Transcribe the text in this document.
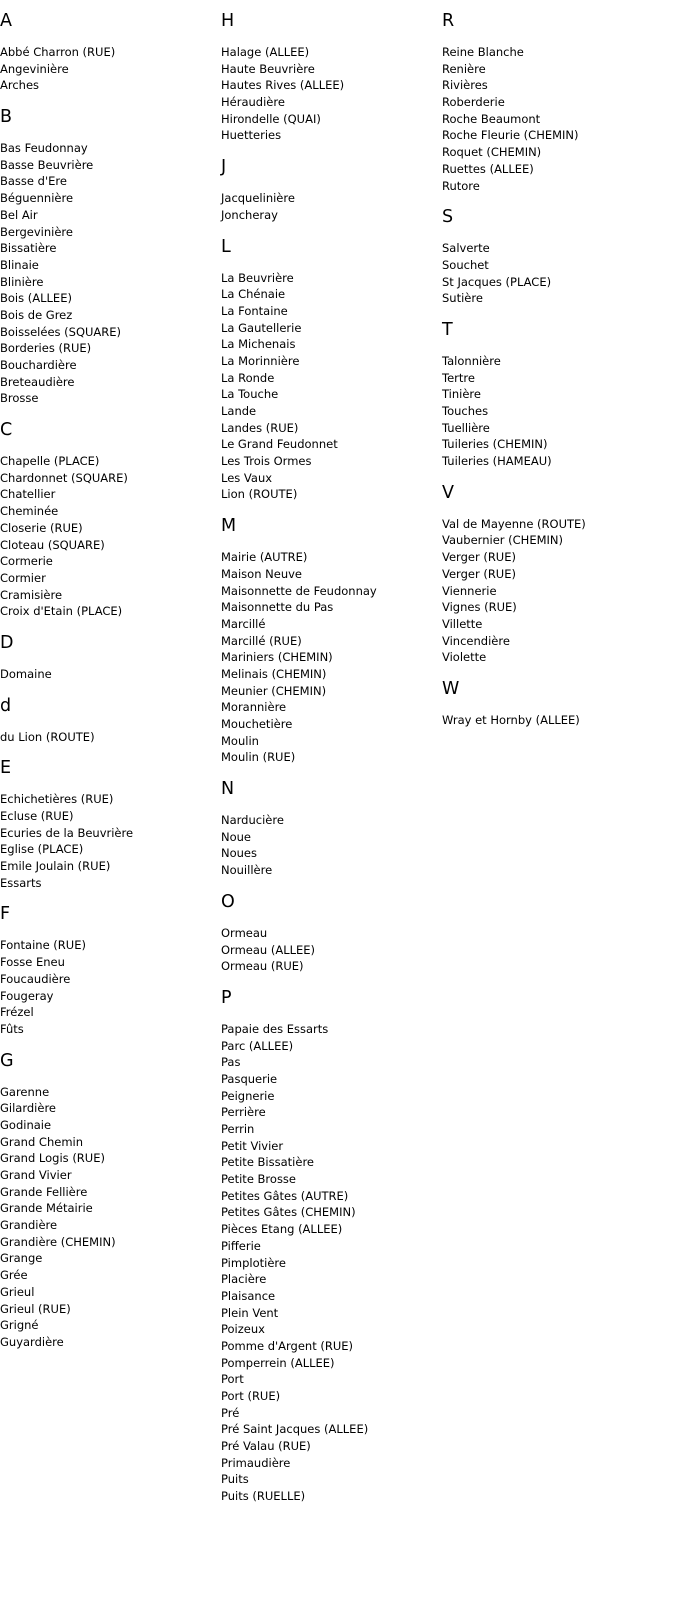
A
Abbé Charron (RUE)
Angevinière
Arches
B
Bas Feudonnay
Basse Beuvrière
Basse d'Ere
Béguennière
Bel Air
Bergevinière
Bissatière
Blinaie
Blinière
Bois (ALLEE)
Bois de Grez
Boisselées (SQUARE)
Borderies (RUE)
Bouchardière
Breteaudière
Brosse
C
Chapelle (PLACE)
Chardonnet (SQUARE)
Chatellier
Cheminée
Closerie (RUE)
Cloteau (SQUARE)
Cormerie
Cormier
Cramisière
Croix d'Etain (PLACE)
D
Domaine
d
du Lion (ROUTE)
E
Echichetières (RUE)
Ecluse (RUE)
Ecuries de la Beuvrière
Eglise (PLACE)
Emile Joulain (RUE)
Essarts
F
Fontaine (RUE)
Fosse Eneu
Foucaudière
Fougeray
Frézel
Fûts
G
Garenne
Gilardière
Godinaie
Grand Chemin
Grand Logis (RUE)
Grand Vivier
Grande Fellière
Grande Métairie
Grandière
Grandière (CHEMIN)
Grange
Grée
Grieul
Grieul (RUE)
Grigné
Guyardière
H
Halage (ALLEE)
Haute Beuvrière
Hautes Rives (ALLEE)
Héraudière
Hirondelle (QUAI)
Huetteries
J
Jacquelinière
Joncheray
L
La Beuvrière
La Chénaie
La Fontaine
La Gautellerie
La Michenais
La Morinnière
La Ronde
La Touche
Lande
Landes (RUE)
Le Grand Feudonnet
Les Trois Ormes
Les Vaux
Lion (ROUTE)
M
Mairie (AUTRE)
Maison Neuve
Maisonnette de Feudonnay
Maisonnette du Pas
Marcillé
Marcillé (RUE)
Mariniers (CHEMIN)
Melinais (CHEMIN)
Meunier (CHEMIN)
Morannière
Mouchetière
Moulin
Moulin (RUE)
N
Narducière
Noue
Noues
Nouillère
O
Ormeau
Ormeau (ALLEE)
Ormeau (RUE)
P
Papaie des Essarts
Parc (ALLEE)
Pas
Pasquerie
Peignerie
Perrière
Perrin
Petit Vivier
Petite Bissatière
Petite Brosse
Petites Gâtes (AUTRE)
Petites Gâtes (CHEMIN)
Pièces Etang (ALLEE)
Pifferie
Pimplotière
Placière
Plaisance
Plein Vent
Poizeux
Pomme d'Argent (RUE)
Pomperrein (ALLEE)
Port
Port (RUE)
Pré
Pré Saint Jacques (ALLEE)
Pré Valau (RUE)
Primaudière
Puits
Puits (RUELLE)
R
Reine Blanche
Renière
Rivières
Roberderie
Roche Beaumont
Roche Fleurie (CHEMIN)
Roquet (CHEMIN)
Ruettes (ALLEE)
Rutore
S
Salverte
Souchet
St Jacques (PLACE)
Sutière
T
Talonnière
Tertre
Tinière
Touches
Tuellière
Tuileries (CHEMIN)
Tuileries (HAMEAU)
V
Val de Mayenne (ROUTE)
Vaubernier (CHEMIN)
Verger (RUE)
Verger (RUE)
Viennerie
Vignes (RUE)
Villette
Vincendière
Violette
W
Wray et Hornby (ALLEE)
